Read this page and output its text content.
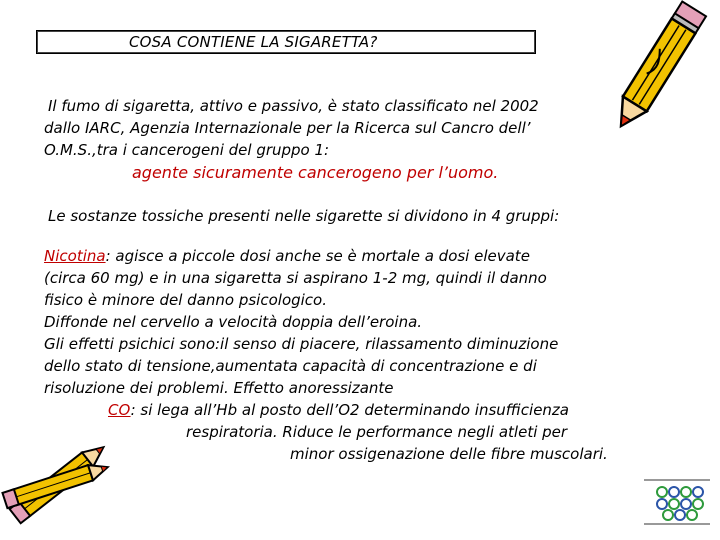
COSA CONTIENE LA SIGARETTA?
Il fumo di sigaretta, attivo e passivo, è stato classificato nel 2002
dallo IARC, Agenzia Internazionale per la Ricerca sul Cancro dell’
O.M.S.,tra i cancerogeni del gruppo 1:
agente sicuramente cancerogeno per l’uomo.
Le sostanze tossiche presenti nelle sigarette si dividono in 4 gruppi:
Nicotina: agisce a piccole dosi anche se è mortale a dosi elevate
(circa 60 mg) e in una sigaretta si aspirano 1-2 mg, quindi il danno
fisico è minore del danno psicologico.
Diffonde nel cervello a velocità doppia dell’eroina.
Gli effetti psichici sono:il senso di piacere, rilassamento diminuzione
dello stato di tensione,aumentata capacità di concentrazione e di
risoluzione dei problemi. Effetto anoressizante
CO: si lega all’Hb al posto dell’O2 determinando insufficienza
respiratoria. Riduce le performance negli atleti per
minor ossigenazione delle fibre muscolari.
